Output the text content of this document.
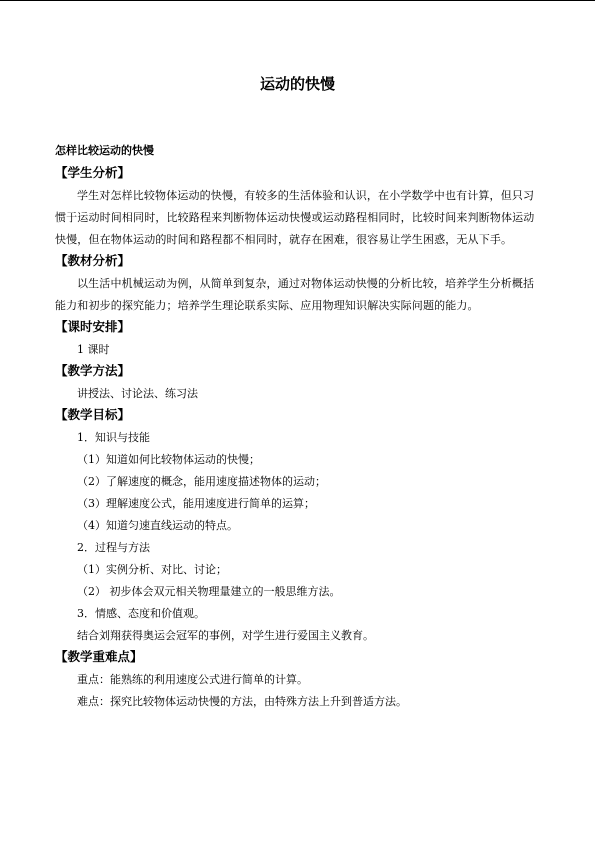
运动的快慢
怎样比较运动的快慢
【学生分析】

学生对怎样比较物体运动的快慢，有较多的生活体验和认识，在小学数学中也有计算，但只习惯于运动时间相同时，比较路程来判断物体运动快慢或运动路程相同时，比较时间来判断物体运动快慢，但在物体运动的时间和路程都不相同时，就存在困难，很容易让学生困惑，无从下手。

【教材分析】

以生活中机械运动为例，从简单到复杂，通过对物体运动快慢的分析比较，培养学生分析概括能力和初步的探究能力；培养学生理论联系实际、应用物理知识解决实际问题的能力。

【课时安排】

1 课时

【教学方法】

讲授法、讨论法、练习法

【教学目标】

1．知识与技能

（1）知道如何比较物体运动的快慢；

（2）了解速度的概念，能用速度描述物体的运动；

（3）理解速度公式，能用速度进行简单的运算；

（4）知道匀速直线运动的特点。

2．过程与方法

（1）实例分析、对比、讨论；

（2） 初步体会双元相关物理量建立的一般思维方法。

3．情感、态度和价值观。

结合刘翔获得奥运会冠军的事例，对学生进行爱国主义教育。

【教学重难点】

重点：能熟练的利用速度公式进行简单的计算。

难点：探究比较物体运动快慢的方法，由特殊方法上升到普适方法。
